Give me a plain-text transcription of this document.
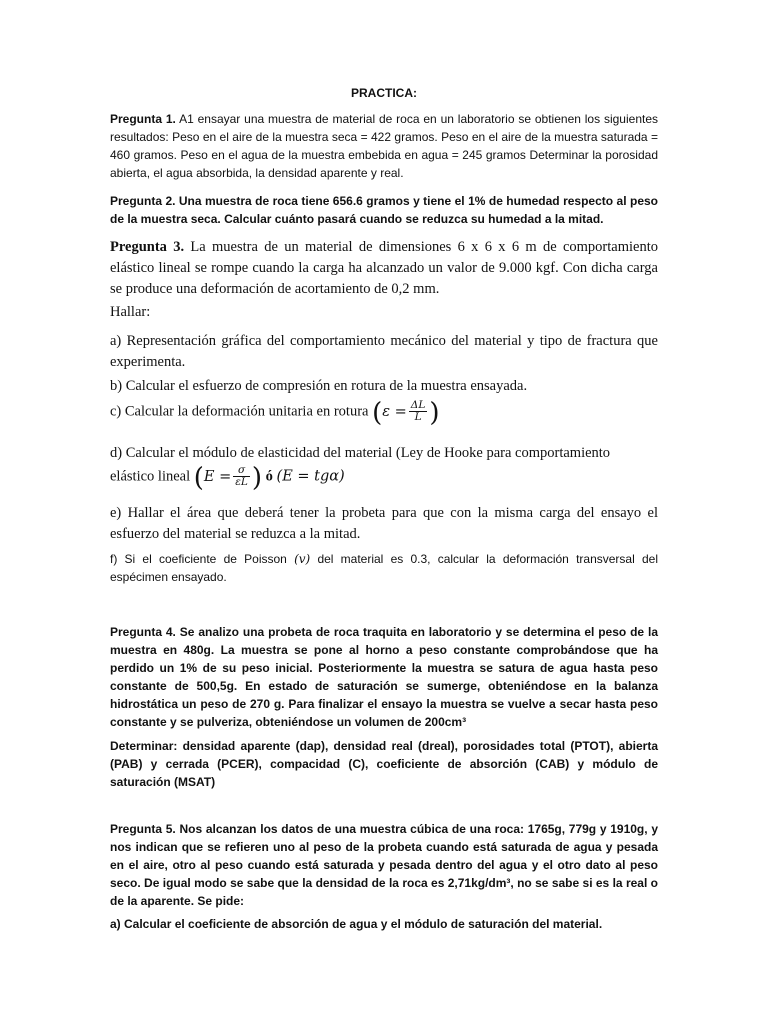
PRACTICA:

Pregunta 1. A1 ensayar una muestra de material de roca en un laboratorio se obtienen los siguientes resultados: Peso en el aire de la muestra seca = 422 gramos. Peso en el aire de la muestra saturada = 460 gramos. Peso en el agua de la muestra embebida en agua = 245 gramos Determinar la porosidad abierta, el agua absorbida, la densidad aparente y real.

Pregunta 2. Una muestra de roca tiene 656.6 gramos y tiene el 1% de humedad respecto al peso de la muestra seca. Calcular cuánto pasará cuando se reduzca su humedad a la mitad.

Pregunta 3. La muestra de un material de dimensiones 6 x 6 x 6 m de comportamiento elástico lineal se rompe cuando la carga ha alcanzado un valor de 9.000 kgf. Con dicha carga se produce una deformación de acortamiento de 0,2 mm.

Hallar:

a) Representación gráfica del comportamiento mecánico del material y tipo de fractura que experimenta.

b) Calcular el esfuerzo de compresión en rotura de la muestra ensayada.

c) Calcular la deformación unitaria en rotura ($\varepsilon = \frac{\Delta L}{L}$ )

d) Calcular el módulo de elasticidad del material (Ley de Hooke para comportamiento

elástico lineal ($E = \frac{\sigma}{\varepsilon L}$ ) ó (E = tgα)

e) Hallar el área que deberá tener la probeta para que con la misma carga del ensayo el esfuerzo del material se reduzca a la mitad.

f) Si el coeficiente de Poisson (v) del material es 0.3, calcular la deformación transversal del espécimen ensayado.

Pregunta 4. Se analizo una probeta de roca traquita en laboratorio y se determina el peso de la muestra en 480g. La muestra se pone al horno a peso constante comprobándose que ha perdido un 1% de su peso inicial. Posteriormente la muestra se satura de agua hasta peso constante de 500,5g. En estado de saturación se sumerge, obteniéndose en la balanza hidrostática un peso de 270 g. Para finalizar el ensayo la muestra se vuelve a secar hasta peso constante y se pulveriza, obteniéndose un volumen de 200cm³

Determinar: densidad aparente (dap), densidad real (dreal), porosidades total (PTOT), abierta (PAB) y cerrada (PCER), compacidad (C), coeficiente de absorción (CAB) y módulo de saturación (MSAT)

Pregunta 5. Nos alcanzan los datos de una muestra cúbica de una roca: 1765g, 779g y 1910g, y nos indican que se refieren uno al peso de la probeta cuando está saturada de agua y pesada en el aire, otro al peso cuando está saturada y pesada dentro del agua y el otro dato al peso seco. De igual modo se sabe que la densidad de la roca es 2,71kg/dm³, no se sabe si es la real o de la aparente. Se pide:

a) Calcular el coeficiente de absorción de agua y el módulo de saturación del material.
